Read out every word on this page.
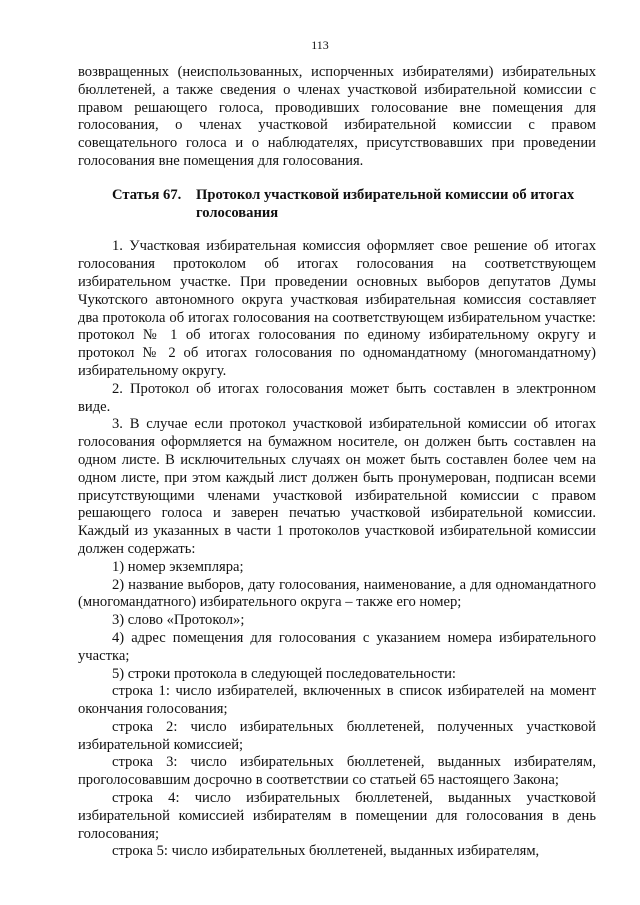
113

возвращенных (неиспользованных, испорченных избирателями) избирательных бюллетеней, а также сведения о членах участковой избирательной комиссии с правом решающего голоса, проводивших голосование вне помещения для голосования, о членах участковой избирательной комиссии с правом совещательного голоса и о наблюдателях, присутствовавших при проведении голосования вне помещения для голосования.

Статья 67.	Протокол участковой избирательной комиссии об итогах голосования

1. Участковая избирательная комиссия оформляет свое решение об итогах голосования протоколом об итогах голосования на соответствующем избирательном участке. При проведении основных выборов депутатов Думы Чукотского автономного округа участковая избирательная комиссия составляет два протокола об итогах голосования на соответствующем избирательном участке: протокол № 1 об итогах голосования по единому избирательному округу и протокол № 2 об итогах голосования по одномандатному (многомандатному) избирательному округу.

2. Протокол об итогах голосования может быть составлен в электронном виде.

3. В случае если протокол участковой избирательной комиссии об итогах голосования оформляется на бумажном носителе, он должен быть составлен на одном листе. В исключительных случаях он может быть составлен более чем на одном листе, при этом каждый лист должен быть пронумерован, подписан всеми присутствующими членами участковой избирательной комиссии с правом решающего голоса и заверен печатью участковой избирательной комиссии. Каждый из указанных в части 1 протоколов участковой избирательной комиссии должен содержать:

1) номер экземпляра;

2) название выборов, дату голосования, наименование, а для одномандатного (многомандатного) избирательного округа – также его номер;

3) слово «Протокол»;

4) адрес помещения для голосования с указанием номера избирательного участка;

5) строки протокола в следующей последовательности:

строка 1: число избирателей, включенных в список избирателей на момент окончания голосования;

строка 2: число избирательных бюллетеней, полученных участковой избирательной комиссией;

строка 3: число избирательных бюллетеней, выданных избирателям, проголосовавшим досрочно в соответствии со статьей 65 настоящего Закона;

строка 4: число избирательных бюллетеней, выданных участковой избирательной комиссией избирателям в помещении для голосования в день голосования;

строка 5: число избирательных бюллетеней, выданных избирателям,
